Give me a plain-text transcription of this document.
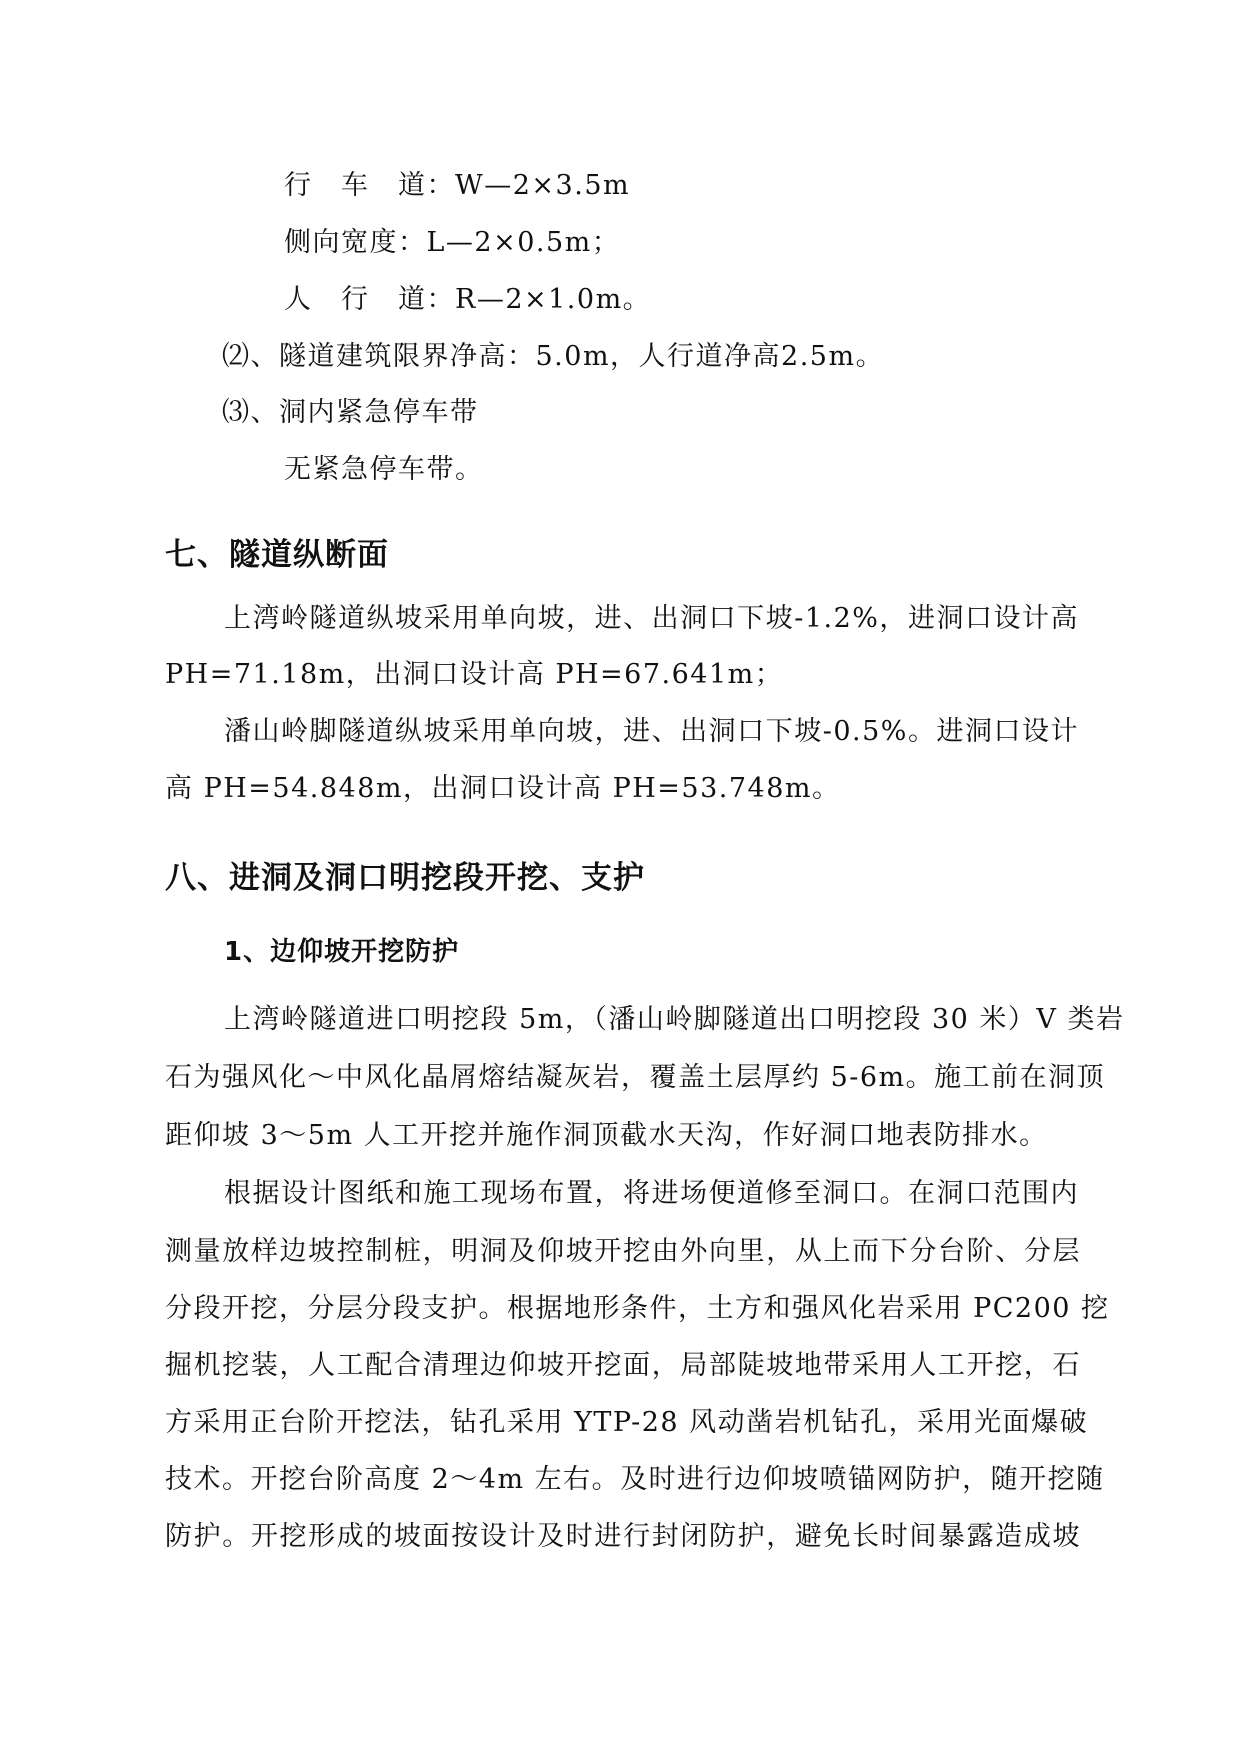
行　车　道：W—2×3.5m
侧向宽度：L—2×0.5m；
人　行　道：R—2×1.0m。
⑵、隧道建筑限界净高：5.0m，人行道净高2.5m。
⑶、洞内紧急停车带
无紧急停车带。
七、隧道纵断面
上湾岭隧道纵坡采用单向坡，进、出洞口下坡-1.2%，进洞口设计高
PH=71.18m，出洞口设计高 PH=67.641m；
潘山岭脚隧道纵坡采用单向坡，进、出洞口下坡-0.5%。进洞口设计
高 PH=54.848m，出洞口设计高 PH=53.748m。
八、进洞及洞口明挖段开挖、支护
1、边仰坡开挖防护
上湾岭隧道进口明挖段 5m，（潘山岭脚隧道出口明挖段 30 米）V 类岩
石为强风化～中风化晶屑熔结凝灰岩，覆盖土层厚约 5-6m。施工前在洞顶
距仰坡 3～5m 人工开挖并施作洞顶截水天沟，作好洞口地表防排水。
根据设计图纸和施工现场布置，将进场便道修至洞口。在洞口范围内
测量放样边坡控制桩，明洞及仰坡开挖由外向里，从上而下分台阶、分层
分段开挖，分层分段支护。根据地形条件，土方和强风化岩采用 PC200 挖
掘机挖装，人工配合清理边仰坡开挖面，局部陡坡地带采用人工开挖，石
方采用正台阶开挖法，钻孔采用 YTP-28 风动凿岩机钻孔，采用光面爆破
技术。开挖台阶高度 2～4m 左右。及时进行边仰坡喷锚网防护，随开挖随
防护。开挖形成的坡面按设计及时进行封闭防护，避免长时间暴露造成坡
